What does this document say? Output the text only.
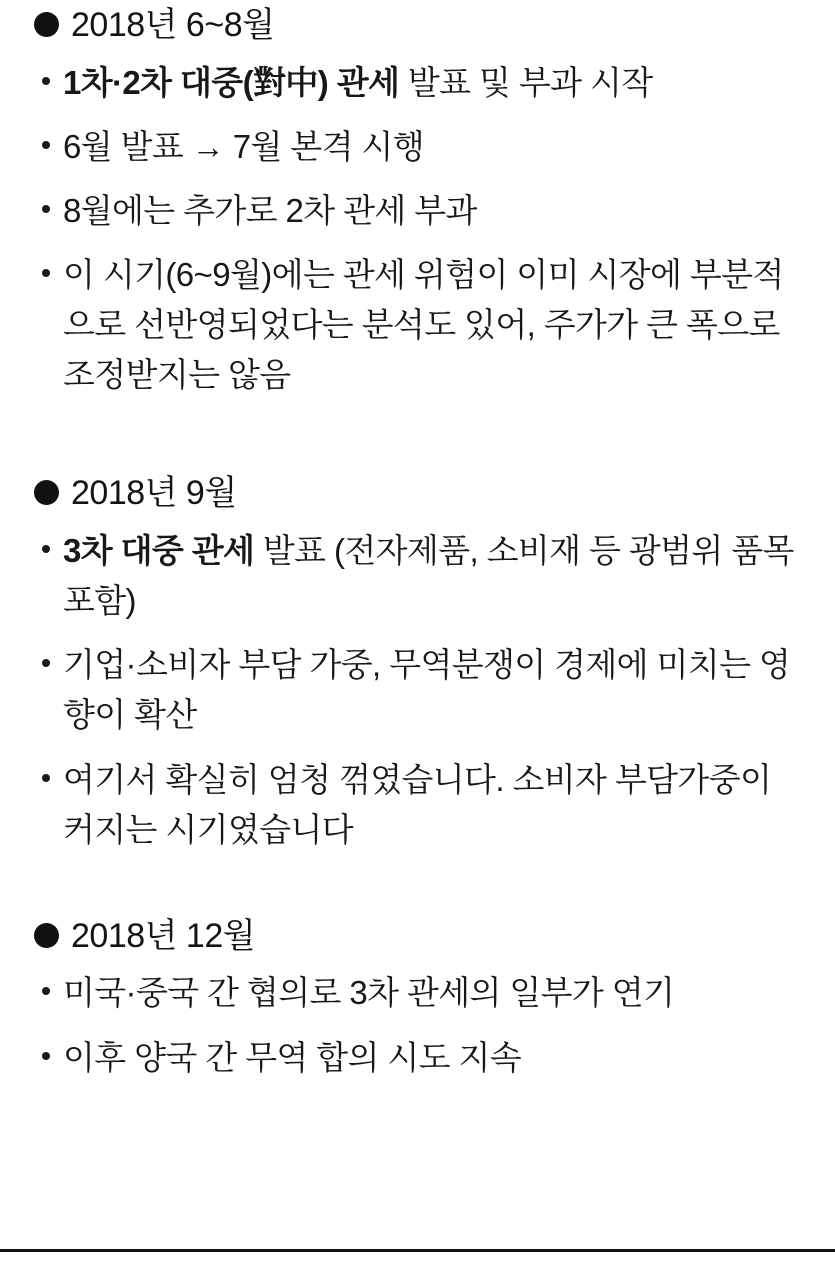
2018년 6~8월
1차·2차 대중(對中) 관세 발표 및 부과 시작
6월 발표 → 7월 본격 시행
8월에는 추가로 2차 관세 부과
이 시기(6~9월)에는 관세 위험이 이미 시장에 부분적으로 선반영되었다는 분석도 있어, 주가가 큰 폭으로 조정받지는 않음
2018년 9월
3차 대중 관세 발표 (전자제품, 소비재 등 광범위 품목 포함)
기업·소비자 부담 가중, 무역분쟁이 경제에 미치는 영향이 확산
여기서 확실히 엄청 꺾였습니다. 소비자 부담가중이 커지는 시기였습니다
2018년 12월
미국·중국 간 협의로 3차 관세의 일부가 연기
이후 양국 간 무역 합의 시도 지속
